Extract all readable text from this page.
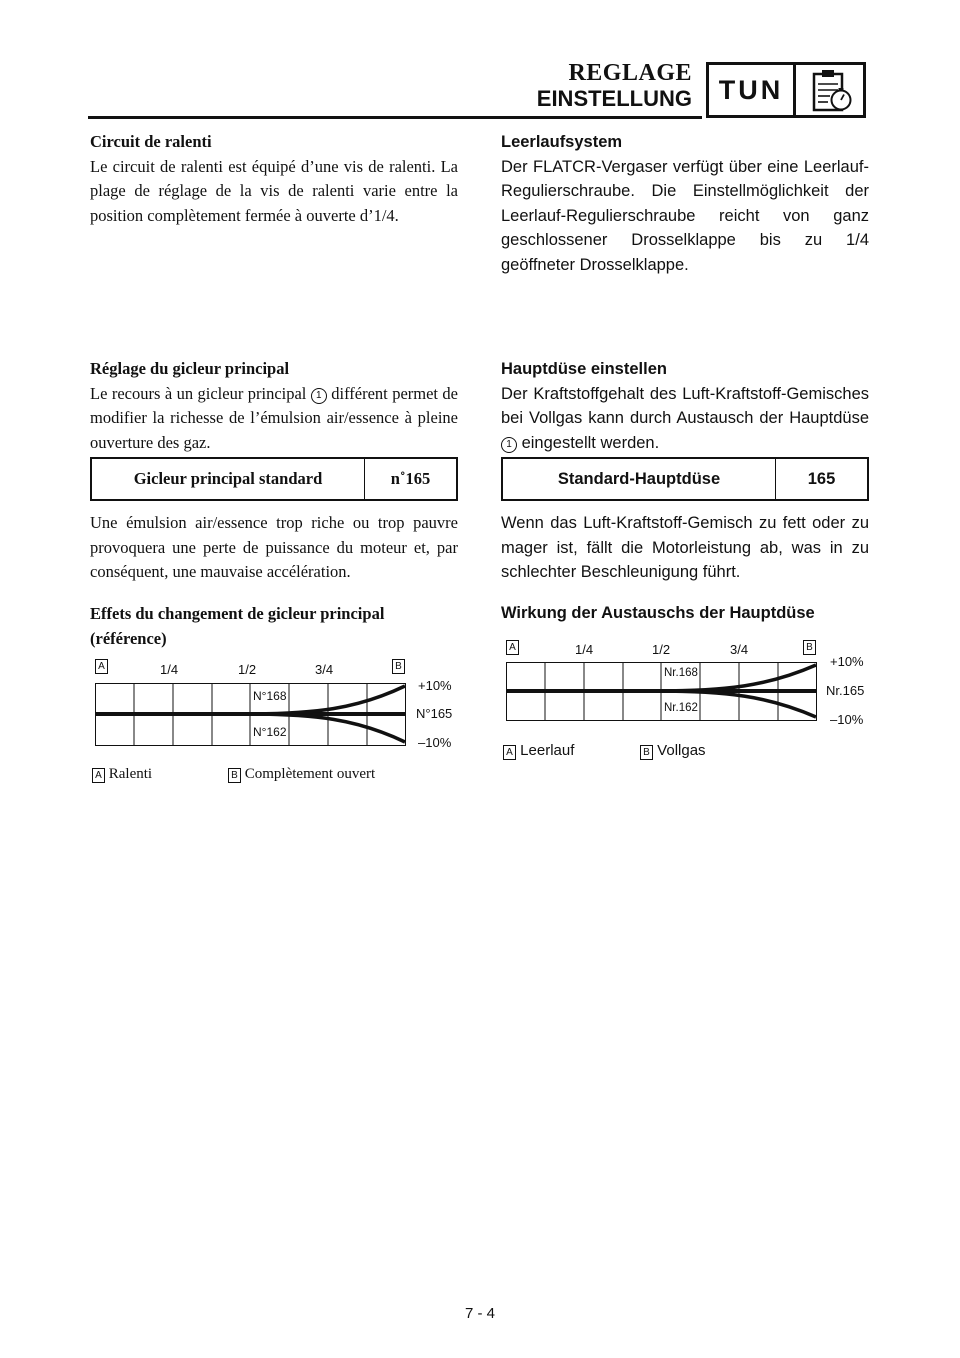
REGLAGE
EINSTELLUNG TUN

Circuit de ralenti

Le circuit de ralenti est équipé d’une vis de ralenti. La plage de réglage de la vis de ralenti varie entre la position complètement fermée à ouverte d’1/4.

Réglage du gicleur principal

Le recours à un gicleur principal 1 différent permet de modifier la richesse de l’émulsion air/essence à pleine ouverture des gaz.

Gicleur principal standard	n˚165
Une émulsion air/essence trop riche ou trop pauvre provoquera une perte de puissance du moteur et, par conséquent, une mauvaise accélération.
Effets du changement de gicleur principal (référence)
A	B
1/4	1/2	3/4
N°168
N°162
+10%
N°165
–10%
A Ralenti	B Complètement ouvert

Leerlaufsystem

Der FLATCR-Vergaser verfügt über eine Leerlauf-Regulierschraube. Die Einstellmöglichkeit der Leerlauf-Regulierschraube reicht von ganz geschlossener Drosselklappe bis zu 1/4 geöffneter Drosselklappe.

Hauptdüse einstellen

Der Kraftstoffgehalt des Luft-Kraftstoff-Gemisches bei Vollgas kann durch Austausch der Hauptdüse 1 eingestellt werden.

Standard-Hauptdüse	165
Wenn das Luft-Kraftstoff-Gemisch zu fett oder zu mager ist, fällt die Motorleistung ab, was in zu schlechter Beschleunigung führt.
Wirkung der Austauschs der Hauptdüse
A	B
1/4	1/2	3/4
Nr.168
Nr.162
+10%
Nr.165
–10%
A Leerlauf	B Vollgas
7 - 4
